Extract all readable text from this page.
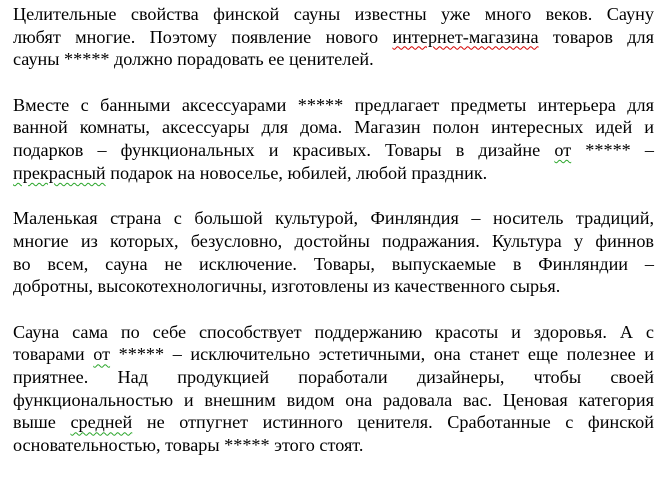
Целительные свойства финской сауны известны уже много веков. Сауну
любят многие. Поэтому появление нового интернет-магазина товаров для
сауны ***** должно порадовать ее ценителей.
Вместе с банными аксессуарами ***** предлагает предметы интерьера для
ванной комнаты, аксессуары для дома. Магазин полон интересных идей и
подарков – функциональных и красивых. Товары в дизайне от ***** –
прекрасный подарок на новоселье, юбилей, любой праздник.
Маленькая страна с большой культурой, Финляндия – носитель традиций,
многие из которых, безусловно, достойны подражания. Культура у финнов
во всем, сауна не исключение. Товары, выпускаемые в Финляндии –
добротны, высокотехнологичны, изготовлены из качественного сырья.
Сауна сама по себе способствует поддержанию красоты и здоровья. А с
товарами от ***** – исключительно эстетичными, она станет еще полезнее и
приятнее. Над продукцией поработали дизайнеры, чтобы своей
функциональностью и внешним видом она радовала вас. Ценовая категория
выше средней не отпугнет истинного ценителя. Сработанные с финской
основательностью, товары ***** этого стоят.
